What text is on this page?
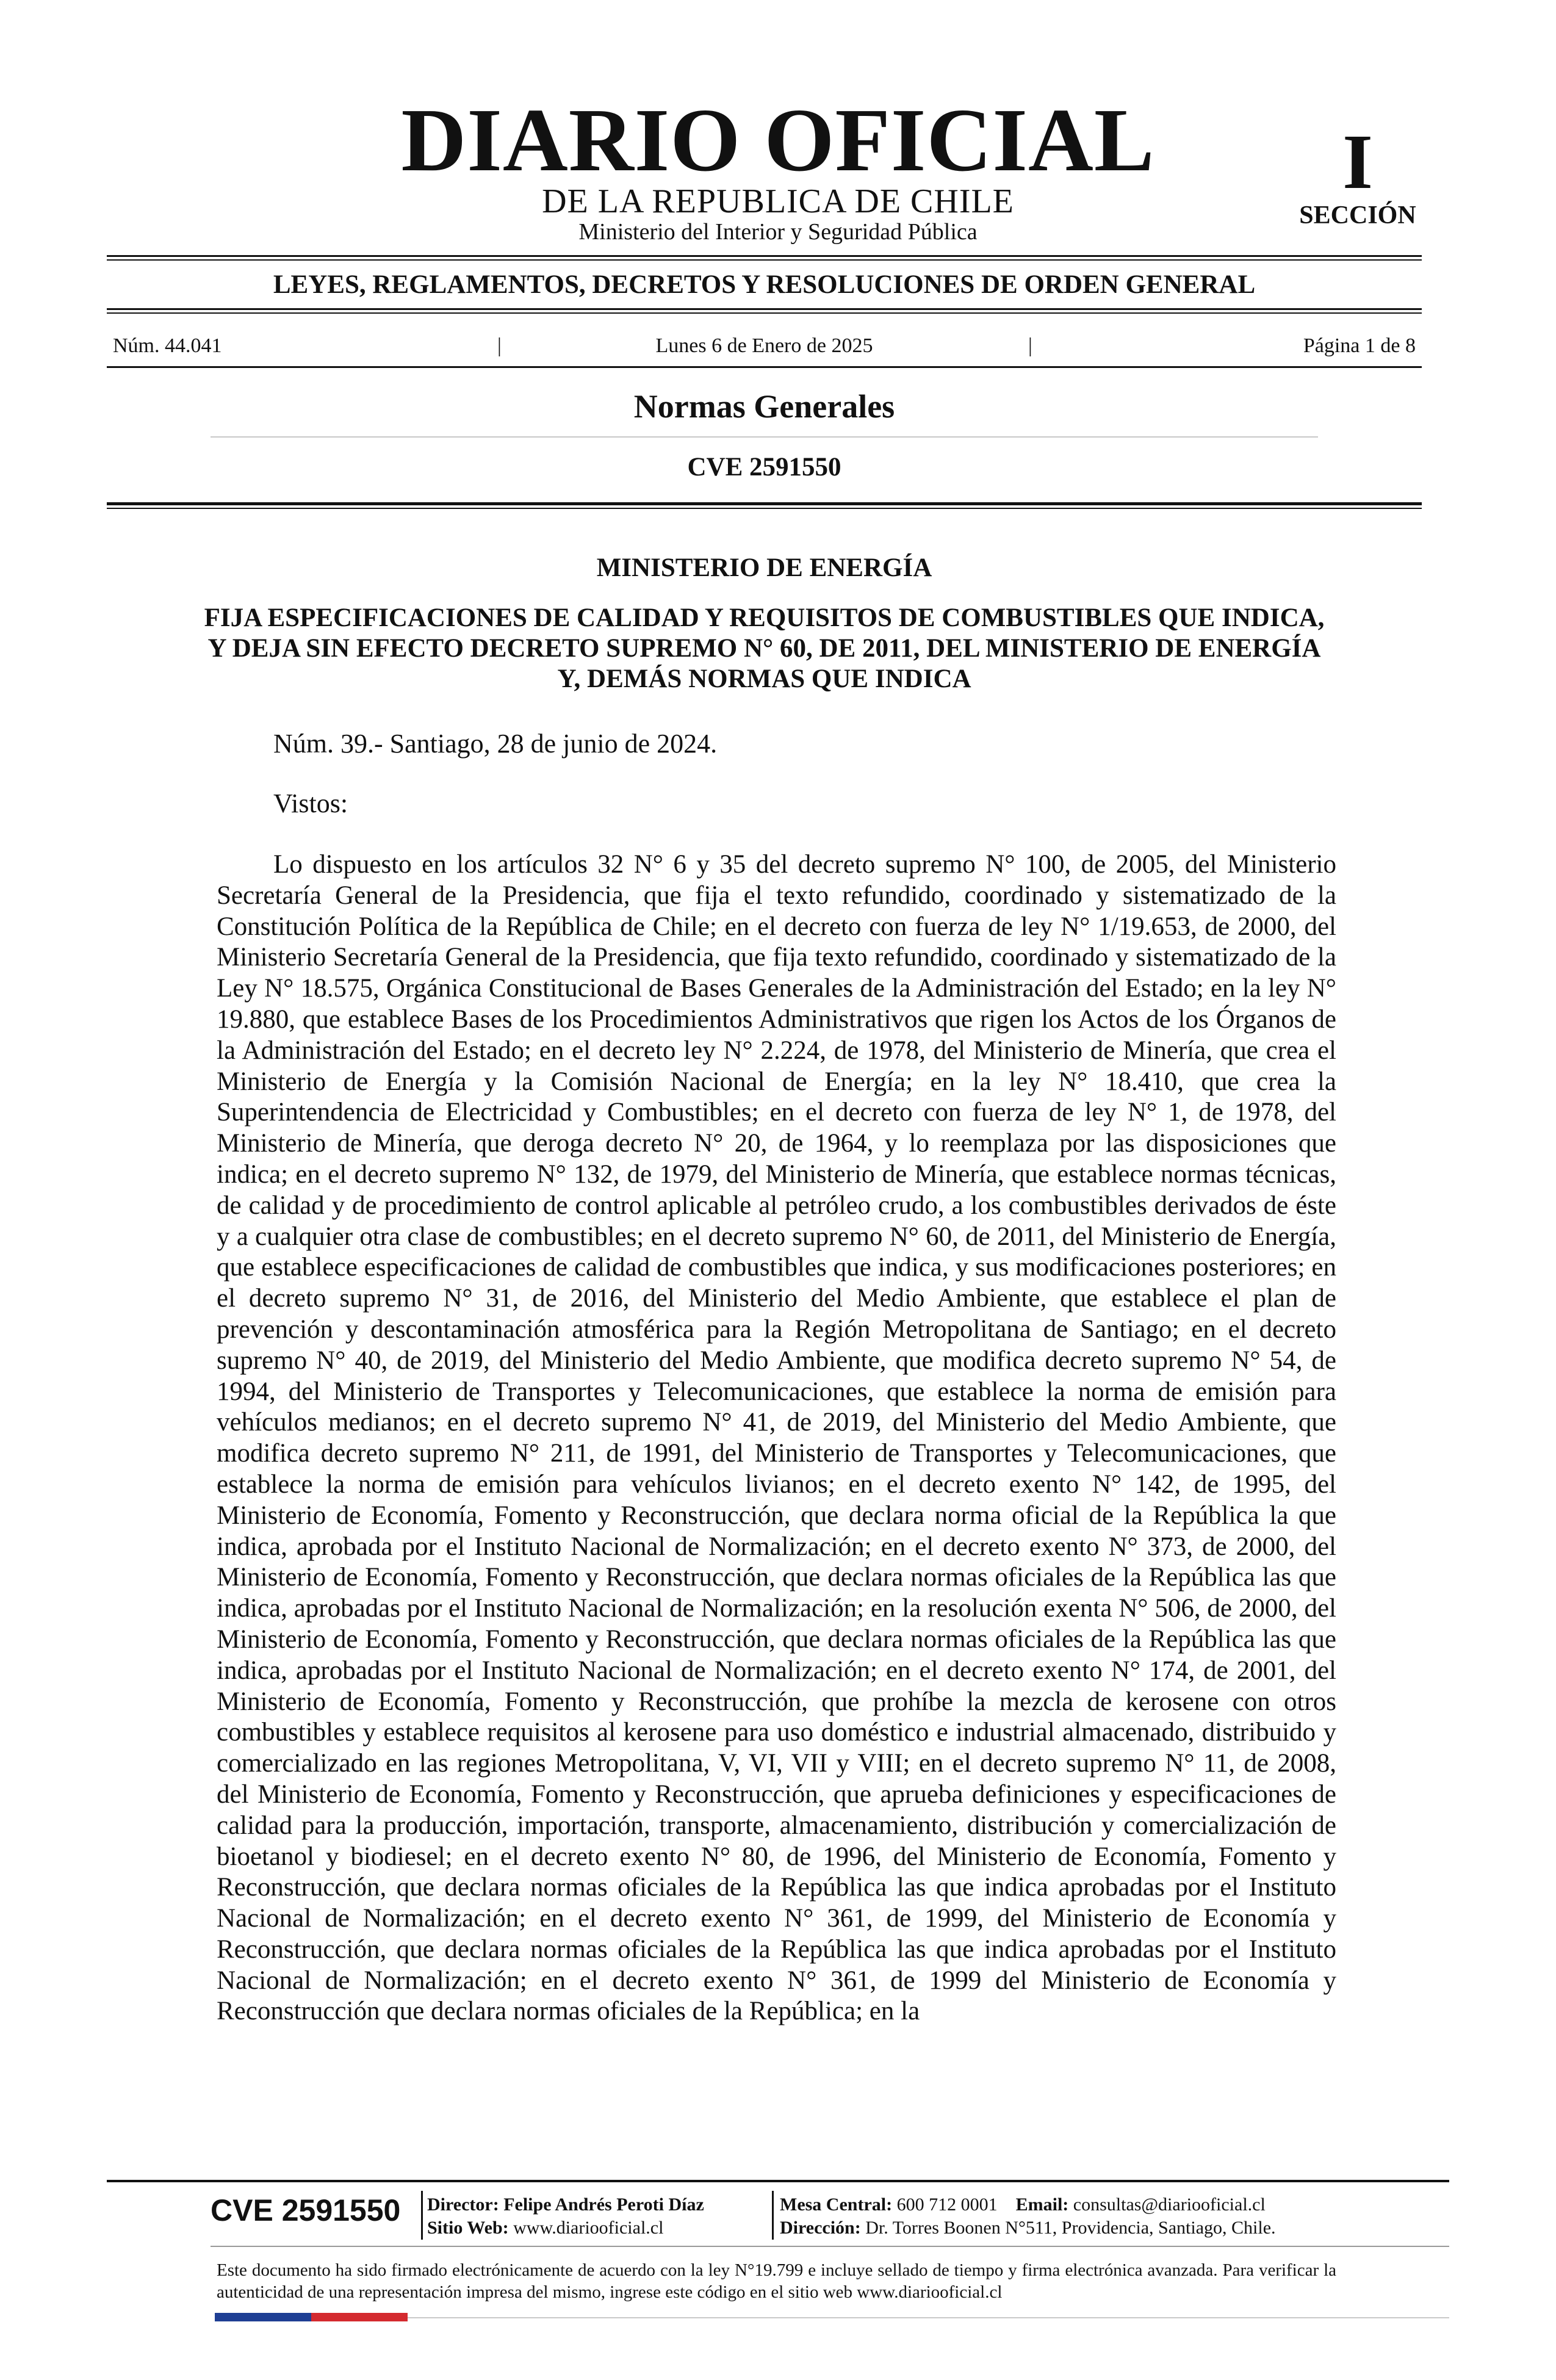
DIARIO OFICIAL
DE LA REPUBLICA DE CHILE
Ministerio del Interior y Seguridad Pública
I
SECCIÓN
LEYES, REGLAMENTOS, DECRETOS Y RESOLUCIONES DE ORDEN GENERAL
Núm. 44.041	|	Lunes 6 de Enero de 2025	|	Página 1 de 8
Normas Generales
CVE 2591550
MINISTERIO DE ENERGÍA
FIJA ESPECIFICACIONES DE CALIDAD Y REQUISITOS DE COMBUSTIBLES QUE INDICA, Y DEJA SIN EFECTO DECRETO SUPREMO N° 60, DE 2011, DEL MINISTERIO DE ENERGÍA Y, DEMÁS NORMAS QUE INDICA
Núm. 39.- Santiago, 28 de junio de 2024.
Vistos:
Lo dispuesto en los artículos 32 N° 6 y 35 del decreto supremo N° 100, de 2005, del Ministerio Secretaría General de la Presidencia, que fija el texto refundido, coordinado y sistematizado de la Constitución Política de la República de Chile; en el decreto con fuerza de ley N° 1/19.653, de 2000, del Ministerio Secretaría General de la Presidencia, que fija texto refundido, coordinado y sistematizado de la Ley N° 18.575, Orgánica Constitucional de Bases Generales de la Administración del Estado; en la ley N° 19.880, que establece Bases de los Procedimientos Administrativos que rigen los Actos de los Órganos de la Administración del Estado; en el decreto ley N° 2.224, de 1978, del Ministerio de Minería, que crea el Ministerio de Energía y la Comisión Nacional de Energía; en la ley N° 18.410, que crea la Superintendencia de Electricidad y Combustibles; en el decreto con fuerza de ley N° 1, de 1978, del Ministerio de Minería, que deroga decreto N° 20, de 1964, y lo reemplaza por las disposiciones que indica; en el decreto supremo N° 132, de 1979, del Ministerio de Minería, que establece normas técnicas, de calidad y de procedimiento de control aplicable al petróleo crudo, a los combustibles derivados de éste y a cualquier otra clase de combustibles; en el decreto supremo N° 60, de 2011, del Ministerio de Energía, que establece especificaciones de calidad de combustibles que indica, y sus modificaciones posteriores; en el decreto supremo N° 31, de 2016, del Ministerio del Medio Ambiente, que establece el plan de prevención y descontaminación atmosférica para la Región Metropolitana de Santiago; en el decreto supremo N° 40, de 2019, del Ministerio del Medio Ambiente, que modifica decreto supremo N° 54, de 1994, del Ministerio de Transportes y Telecomunicaciones, que establece la norma de emisión para vehículos medianos; en el decreto supremo N° 41, de 2019, del Ministerio del Medio Ambiente, que modifica decreto supremo N° 211, de 1991, del Ministerio de Transportes y Telecomunicaciones, que establece la norma de emisión para vehículos livianos; en el decreto exento N° 142, de 1995, del Ministerio de Economía, Fomento y Reconstrucción, que declara norma oficial de la República la que indica, aprobada por el Instituto Nacional de Normalización; en el decreto exento N° 373, de 2000, del Ministerio de Economía, Fomento y Reconstrucción, que declara normas oficiales de la República las que indica, aprobadas por el Instituto Nacional de Normalización; en la resolución exenta N° 506, de 2000, del Ministerio de Economía, Fomento y Reconstrucción, que declara normas oficiales de la República las que indica, aprobadas por el Instituto Nacional de Normalización; en el decreto exento N° 174, de 2001, del Ministerio de Economía, Fomento y Reconstrucción, que prohíbe la mezcla de kerosene con otros combustibles y establece requisitos al kerosene para uso doméstico e industrial almacenado, distribuido y comercializado en las regiones Metropolitana, V, VI, VII y VIII; en el decreto supremo N° 11, de 2008, del Ministerio de Economía, Fomento y Reconstrucción, que aprueba definiciones y especificaciones de calidad para la producción, importación, transporte, almacenamiento, distribución y comercialización de bioetanol y biodiesel; en el decreto exento N° 80, de 1996, del Ministerio de Economía, Fomento y Reconstrucción, que declara normas oficiales de la República las que indica aprobadas por el Instituto Nacional de Normalización; en el decreto exento N° 361, de 1999, del Ministerio de Economía y Reconstrucción, que declara normas oficiales de la República las que indica aprobadas por el Instituto Nacional de Normalización; en el decreto exento N° 361, de 1999 del Ministerio de Economía y Reconstrucción que declara normas oficiales de la República; en la
CVE 2591550 Director: Felipe Andrés Peroti Díaz
Sitio Web: www.diariooficial.cl
Mesa Central: 600 712 0001 Email: consultas@diariooficial.cl
Dirección: Dr. Torres Boonen N°511, Providencia, Santiago, Chile.
Este documento ha sido firmado electrónicamente de acuerdo con la ley N°19.799 e incluye sellado de tiempo y firma electrónica avanzada. Para verificar la autenticidad de una representación impresa del mismo, ingrese este código en el sitio web www.diariooficial.cl
